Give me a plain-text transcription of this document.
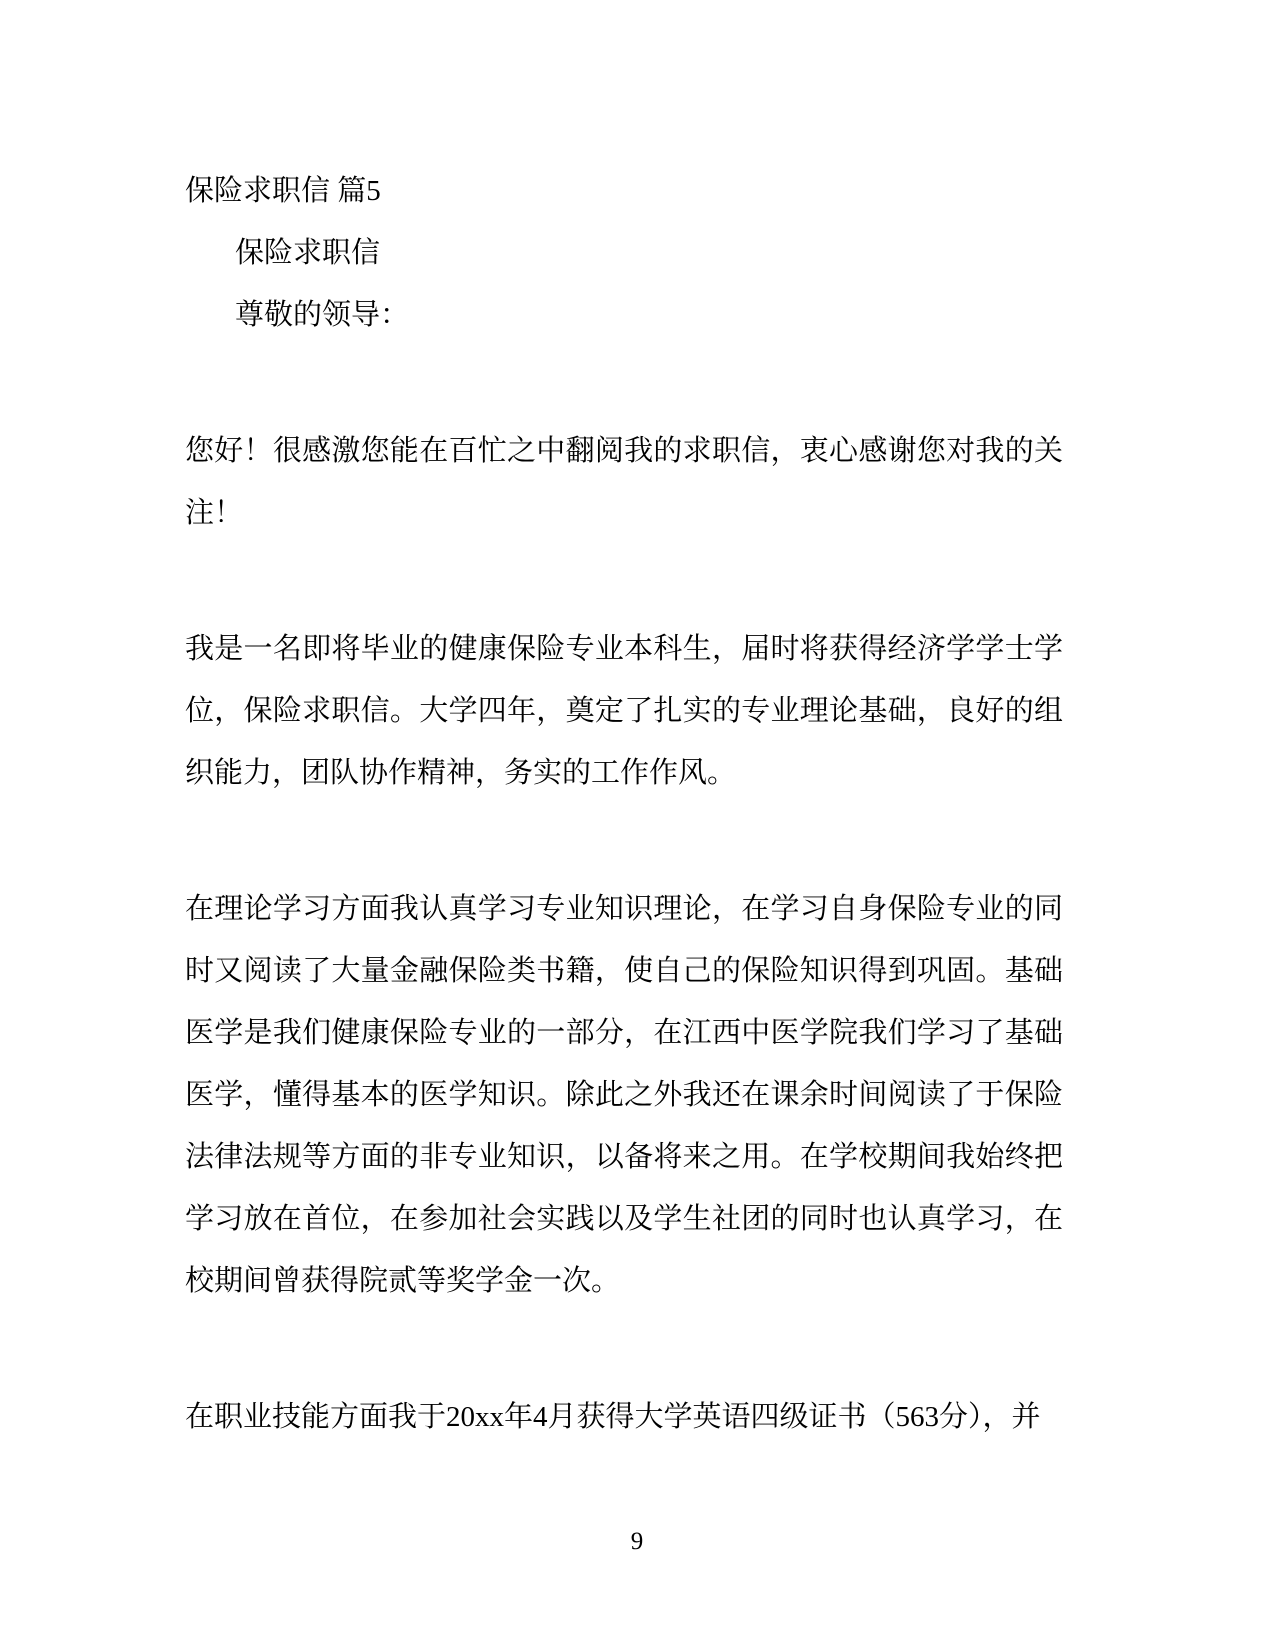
保险求职信 篇5

保险求职信

尊敬的领导：

您好！很感激您能在百忙之中翻阅我的求职信，衷心感谢您对我的关注！

我是一名即将毕业的健康保险专业本科生，届时将获得经济学学士学位，保险求职信。大学四年，奠定了扎实的专业理论基础，良好的组织能力，团队协作精神，务实的工作作风。

在理论学习方面我认真学习专业知识理论，在学习自身保险专业的同时又阅读了大量金融保险类书籍，使自己的保险知识得到巩固。基础医学是我们健康保险专业的一部分，在江西中医学院我们学习了基础医学，懂得基本的医学知识。除此之外我还在课余时间阅读了于保险法律法规等方面的非专业知识，以备将来之用。在学校期间我始终把学习放在首位，在参加社会实践以及学生社团的同时也认真学习，在校期间曾获得院贰等奖学金一次。

在职业技能方面我于20xx年4月获得大学英语四级证书（563分），并

9
